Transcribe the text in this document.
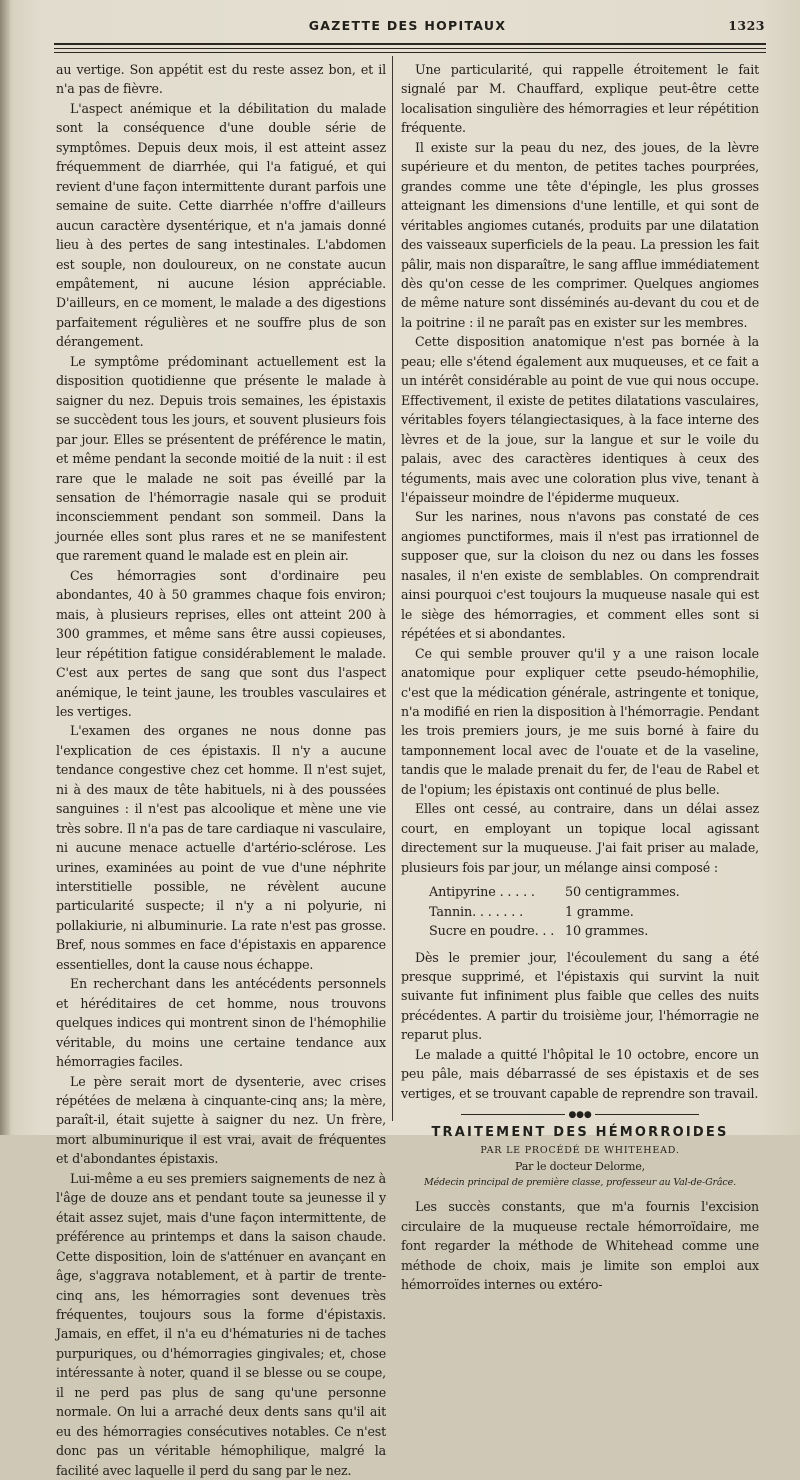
GAZETTE DES HOPITAUX	1323

au vertige. Son appétit est du reste assez bon, et il n'a pas de fièvre.

L'aspect anémique et la débilitation du malade sont la conséquence d'une double série de symptômes. Depuis deux mois, il est atteint assez fréquemment de diarrhée, qui l'a fatigué, et qui revient d'une façon intermittente durant parfois une semaine de suite. Cette diarrhée n'offre d'ailleurs aucun caractère dysentérique, et n'a jamais donné lieu à des pertes de sang intestinales. L'abdomen est souple, non douloureux, on ne constate aucun empâtement, ni aucune lésion appréciable. D'ailleurs, en ce moment, le malade a des digestions parfaitement régulières et ne souffre plus de son dérangement.

Le symptôme prédominant actuellement est la disposition quotidienne que présente le malade à saigner du nez. Depuis trois semaines, les épistaxis se succèdent tous les jours, et souvent plusieurs fois par jour. Elles se présentent de préférence le matin, et même pendant la seconde moitié de la nuit : il est rare que le malade ne soit pas éveillé par la sensation de l'hémorragie nasale qui se produit inconsciemment pendant son sommeil. Dans la journée elles sont plus rares et ne se manifestent que rarement quand le malade est en plein air.

Ces hémorragies sont d'ordinaire peu abondantes, 40 à 50 grammes chaque fois environ; mais, à plusieurs reprises, elles ont atteint 200 à 300 grammes, et même sans être aussi copieuses, leur répétition fatigue considérablement le malade. C'est aux pertes de sang que sont dus l'aspect anémique, le teint jaune, les troubles vasculaires et les vertiges.

L'examen des organes ne nous donne pas l'explication de ces épistaxis. Il n'y a aucune tendance congestive chez cet homme. Il n'est sujet, ni à des maux de tête habituels, ni à des poussées sanguines : il n'est pas alcoolique et mène une vie très sobre. Il n'a pas de tare cardiaque ni vasculaire, ni aucune menace actuelle d'artério-sclérose. Les urines, examinées au point de vue d'une néphrite interstitielle possible, ne révèlent aucune particularité suspecte; il n'y a ni polyurie, ni pollakiurie, ni albuminurie. La rate n'est pas grosse. Bref, nous sommes en face d'épistaxis en apparence essentielles, dont la cause nous échappe.

En recherchant dans les antécédents personnels et héréditaires de cet homme, nous trouvons quelques indices qui montrent sinon de l'hémophilie véritable, du moins une certaine tendance aux hémorragies faciles.

Le père serait mort de dysenterie, avec crises répétées de melæna à cinquante-cinq ans; la mère, paraît-il, était sujette à saigner du nez. Un frère, mort albuminurique il est vrai, avait de fréquentes et d'abondantes épistaxis.

Lui-même a eu ses premiers saignements de nez à l'âge de douze ans et pendant toute sa jeunesse il y était assez sujet, mais d'une façon intermittente, de préférence au printemps et dans la saison chaude. Cette disposition, loin de s'atténuer en avançant en âge, s'aggrava notablement, et à partir de trente-cinq ans, les hémorragies sont devenues très fréquentes, toujours sous la forme d'épistaxis. Jamais, en effet, il n'a eu d'hématuries ni de taches purpuriques, ou d'hémorragies gingivales; et, chose intéressante à noter, quand il se blesse ou se coupe, il ne perd pas plus de sang qu'une personne normale. On lui a arraché deux dents sans qu'il ait eu des hémorragies consécutives notables. Ce n'est donc pas un véritable hémophilique, malgré la facilité avec laquelle il perd du sang par le nez.

Une particularité, qui rappelle étroitement le fait signalé par M. Chauffard, explique peut-être cette localisation singulière des hémorragies et leur répétition fréquente.

Il existe sur la peau du nez, des joues, de la lèvre supérieure et du menton, de petites taches pourprées, grandes comme une tête d'épingle, les plus grosses atteignant les dimensions d'une lentille, et qui sont de véritables angiomes cutanés, produits par une dilatation des vaisseaux superficiels de la peau. La pression les fait pâlir, mais non disparaître, le sang afflue immédiatement dès qu'on cesse de les comprimer. Quelques angiomes de même nature sont disséminés au-devant du cou et de la poitrine : il ne paraît pas en exister sur les membres.

Cette disposition anatomique n'est pas bornée à la peau; elle s'étend également aux muqueuses, et ce fait a un intérêt considérable au point de vue qui nous occupe. Effectivement, il existe de petites dilatations vasculaires, véritables foyers télangiectasiques, à la face interne des lèvres et de la joue, sur la langue et sur le voile du palais, avec des caractères identiques à ceux des téguments, mais avec une coloration plus vive, tenant à l'épaisseur moindre de l'épiderme muqueux.

Sur les narines, nous n'avons pas constaté de ces angiomes punctiformes, mais il n'est pas irrationnel de supposer que, sur la cloison du nez ou dans les fosses nasales, il n'en existe de semblables. On comprendrait ainsi pourquoi c'est toujours la muqueuse nasale qui est le siège des hémorragies, et comment elles sont si répétées et si abondantes.

Ce qui semble prouver qu'il y a une raison locale anatomique pour expliquer cette pseudo-hémophilie, c'est que la médication générale, astringente et tonique, n'a modifié en rien la disposition à l'hémorragie. Pendant les trois premiers jours, je me suis borné à faire du tamponnement local avec de l'ouate et de la vaseline, tandis que le malade prenait du fer, de l'eau de Rabel et de l'opium; les épistaxis ont continué de plus belle.

Elles ont cessé, au contraire, dans un délai assez court, en employant un topique local agissant directement sur la muqueuse. J'ai fait priser au malade, plusieurs fois par jour, un mélange ainsi composé :

Antipyrine . . . . .	50 centigrammes.
Tannin. . . . . . .	1 gramme.
Sucre en poudre. . . 10 grammes.

Dès le premier jour, l'écoulement du sang a été presque supprimé, et l'épistaxis qui survint la nuit suivante fut infiniment plus faible que celles des nuits précédentes. A partir du troisième jour, l'hémorragie ne reparut plus.

Le malade a quitté l'hôpital le 10 octobre, encore un peu pâle, mais débarrassé de ses épistaxis et de ses vertiges, et se trouvant capable de reprendre son travail.

●●●
TRAITEMENT DES HÉMORROIDES
PAR LE PROCÉDÉ DE WHITEHEAD.
Par le docteur Delorme,
Médecin principal de première classe, professeur au Val-de-Grâce.

Les succès constants, que m'a fournis l'excision circulaire de la muqueuse rectale hémorroïdaire, me font regarder la méthode de Whitehead comme une méthode de choix, mais je limite son emploi aux hémorroïdes internes ou extéro-
